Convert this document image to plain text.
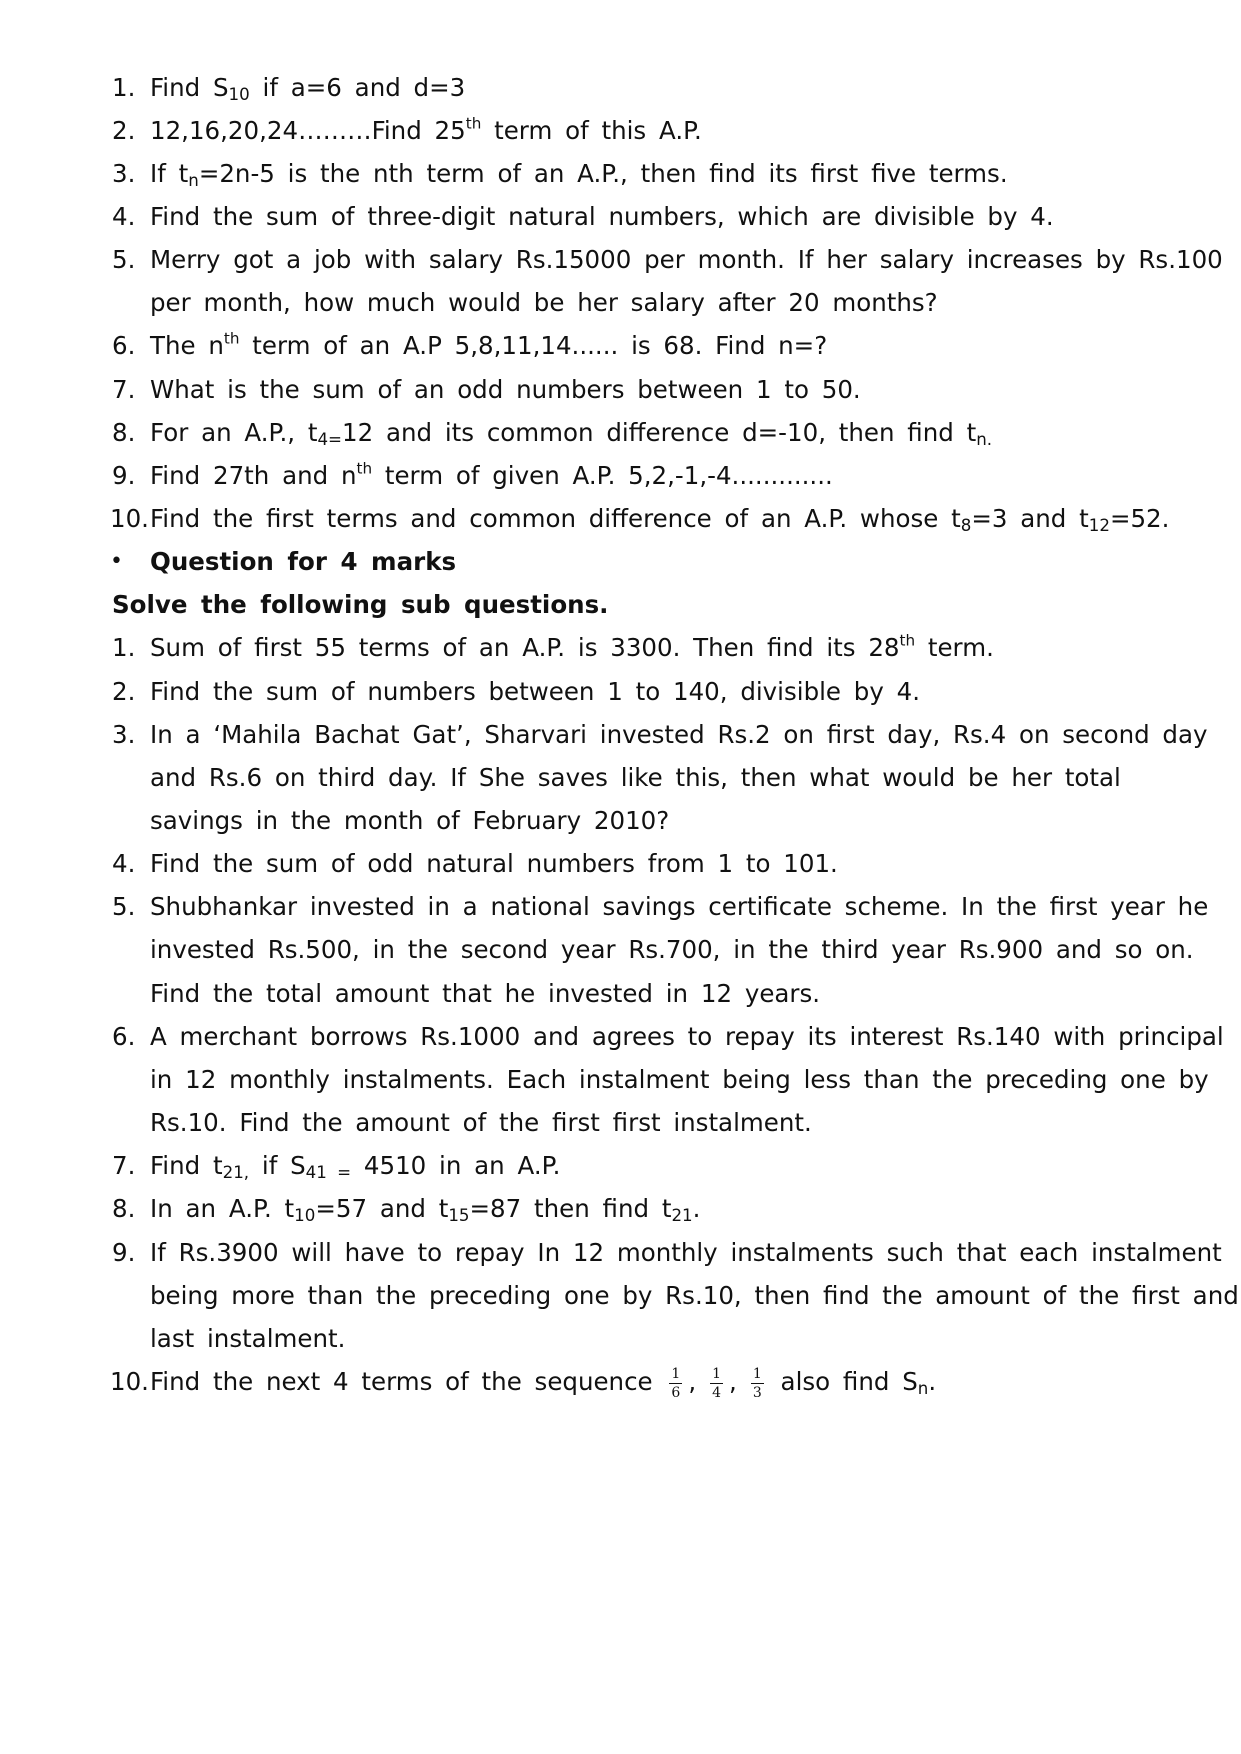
1. Find $S_{10}$ if a=6 and d=3
2. 12,16,20,24………Find 25th term of this A.P.
3. If $t_n=2n-5$ is the nth term of an A.P., then find its first five terms.
4. Find the sum of three-digit natural numbers, which are divisible by 4.
5. Merry got a job with salary Rs.15000 per month. If her salary increases by Rs.100
per month, how much would be her salary after 20 months?
6. The $n^{th}$ term of an A.P 5,8,11,14...... is 68. Find n=?
7. What is the sum of an odd numbers between 1 to 50.
8. For an A.P., $t_{4=}12$ and its common difference d=-10, then find $t_{n.}$
9. Find 27th and $n^{th}$ term of given A.P. 5,2,-1,-4.............
10. Find the first terms and common difference of an A.P. whose $t_8=3$ and $t_{12}=52$.
• Question for 4 marks
Solve the following sub questions.
1. Sum of first 55 terms of an A.P. is 3300. Then find its 28th term.
2. Find the sum of numbers between 1 to 140, divisible by 4.
3. In a ‘Mahila Bachat Gat’, Sharvari invested Rs.2 on first day, Rs.4 on second day
and Rs.6 on third day. If She saves like this, then what would be her total
savings in the month of February 2010?
4. Find the sum of odd natural numbers from 1 to 101.
5. Shubhankar invested in a national savings certificate scheme. In the first year he
invested Rs.500, in the second year Rs.700, in the third year Rs.900 and so on.
Find the total amount that he invested in 12 years.
6. A merchant borrows Rs.1000 and agrees to repay its interest Rs.140 with principal
in 12 monthly instalments. Each instalment being less than the preceding one by
Rs.10. Find the amount of the first first instalment.
7. Find $t_{21,}$ if $S_{41 =}$ 4510 in an A.P.
8. In an A.P. $t_{10}=57$ and $t_{15}=87$ then find $t_{21}$.
9. If Rs.3900 will have to repay In 12 monthly instalments such that each instalment
being more than the preceding one by Rs.10, then find the amount of the first and
last instalment.
10. Find the next 4 terms of the sequence $\frac{1}{6}$ , $\frac{1}{4}$ , $\frac{1}{3}$ also find $S_n$.
